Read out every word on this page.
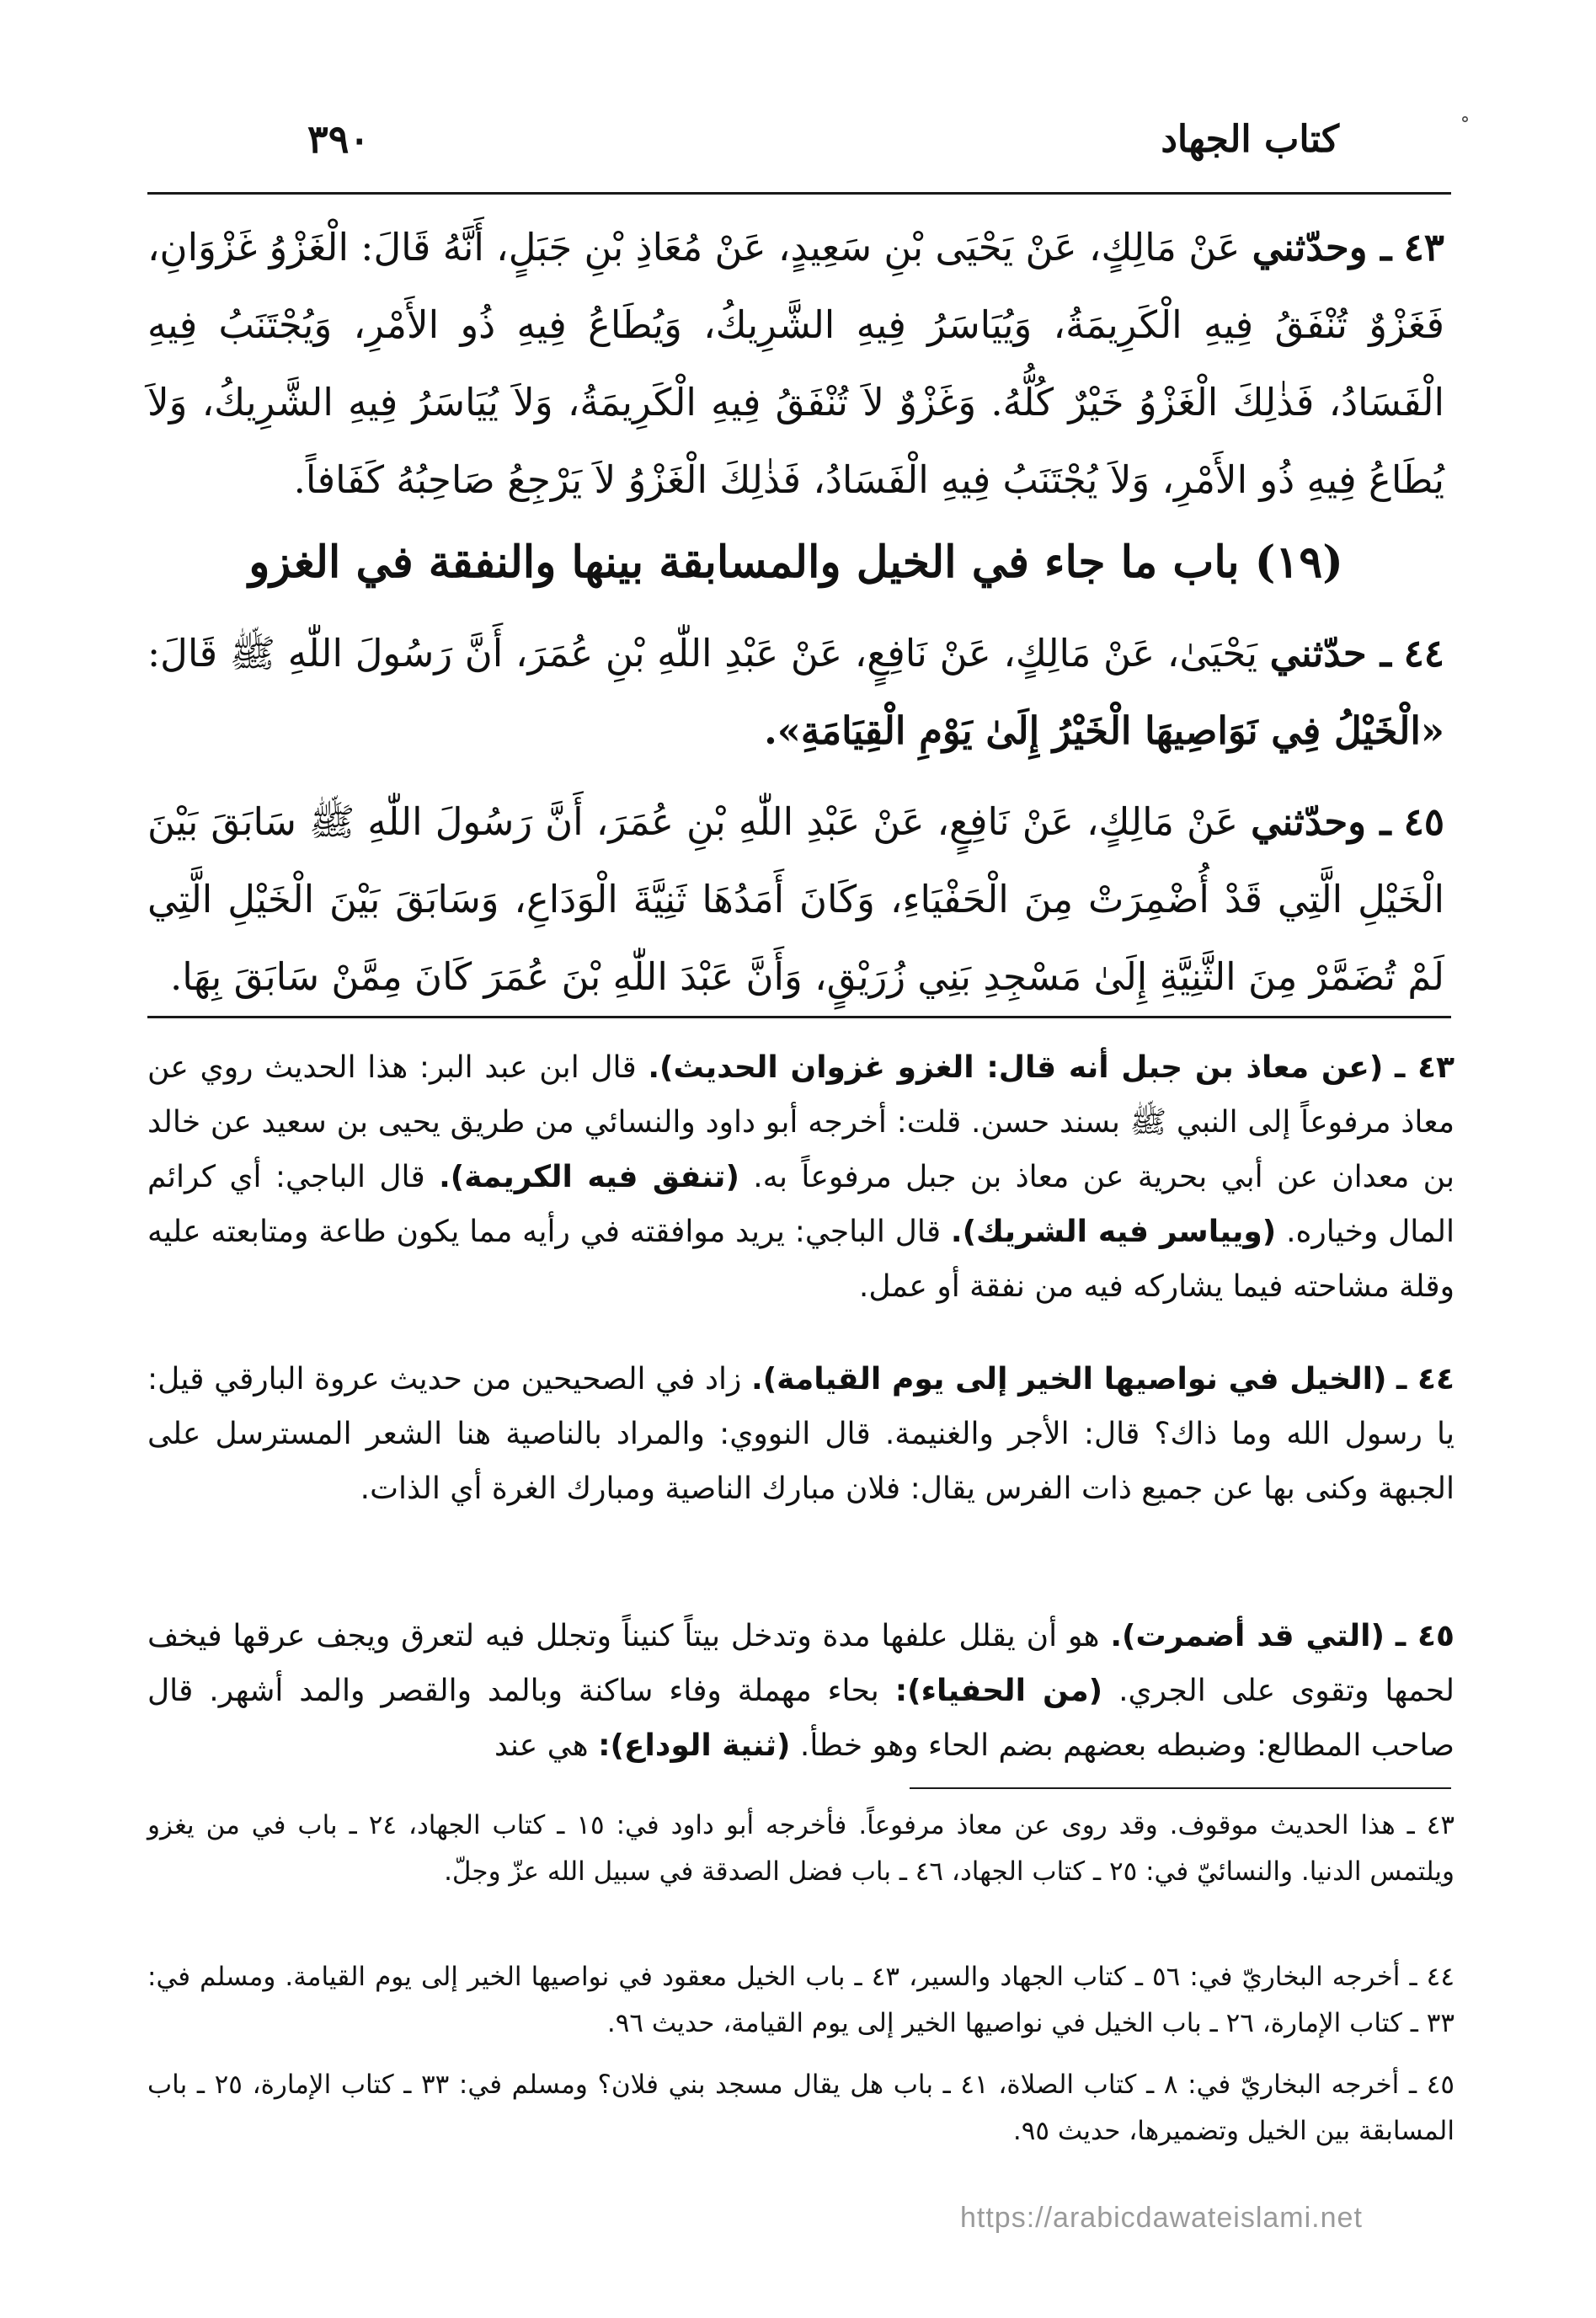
٣٩٠	كتاب الجهاد	˚
٤٣ ـ وحدّثني عَنْ مَالِكٍ، عَنْ يَحْيَى بْنِ سَعِيدٍ، عَنْ مُعَاذِ بْنِ جَبَلٍ، أَنَّهُ قَالَ: الْغَزْوُ غَزْوَانِ، فَغَزْوٌ تُنْفَقُ فِيهِ الْكَرِيمَةُ، وَيُيَاسَرُ فِيهِ الشَّرِيكُ، وَيُطَاعُ فِيهِ ذُو الأَمْرِ، وَيُجْتَنَبُ فِيهِ الْفَسَادُ، فَذٰلِكَ الْغَزْوُ خَيْرٌ كُلُّهُ. وَغَزْوٌ لاَ تُنْفَقُ فِيهِ الْكَرِيمَةُ، وَلاَ يُيَاسَرُ فِيهِ الشَّرِيكُ، وَلاَ يُطَاعُ فِيهِ ذُو الأَمْرِ، وَلاَ يُجْتَنَبُ فِيهِ الْفَسَادُ، فَذٰلِكَ الْغَزْوُ لاَ يَرْجِعُ صَاحِبُهُ كَفَافاً.
(١٩) باب ما جاء في الخيل والمسابقة بينها والنفقة في الغزو
٤٤ ـ حدّثني يَحْيَىٰ، عَنْ مَالِكٍ، عَنْ نَافِعٍ، عَنْ عَبْدِ اللّٰهِ بْنِ عُمَرَ، أَنَّ رَسُولَ اللّٰهِ ﷺ قَالَ: «الْخَيْلُ فِي نَوَاصِيهَا الْخَيْرُ إِلَىٰ يَوْمِ الْقِيَامَةِ».
٤٥ ـ وحدّثني عَنْ مَالِكٍ، عَنْ نَافِعٍ، عَنْ عَبْدِ اللّٰهِ بْنِ عُمَرَ، أَنَّ رَسُولَ اللّٰهِ ﷺ سَابَقَ بَيْنَ الْخَيْلِ الَّتِي قَدْ أُضْمِرَتْ مِنَ الْحَفْيَاءِ، وَكَانَ أَمَدُهَا ثَنِيَّةَ الْوَدَاعِ، وَسَابَقَ بَيْنَ الْخَيْلِ الَّتِي لَمْ تُضَمَّرْ مِنَ الثَّنِيَّةِ إِلَىٰ مَسْجِدِ بَنِي زُرَيْقٍ، وَأَنَّ عَبْدَ اللّٰهِ بْنَ عُمَرَ كَانَ مِمَّنْ سَابَقَ بِهَا.
٤٣ ـ (عن معاذ بن جبل أنه قال: الغزو غزوان الحديث). قال ابن عبد البر: هذا الحديث روي عن معاذ مرفوعاً إلى النبي ﷺ بسند حسن. قلت: أخرجه أبو داود والنسائي من طريق يحيى بن سعيد عن خالد بن معدان عن أبي بحرية عن معاذ بن جبل مرفوعاً به. (تنفق فيه الكريمة). قال الباجي: أي كرائم المال وخياره. (ويياسر فيه الشريك). قال الباجي: يريد موافقته في رأيه مما يكون طاعة ومتابعته عليه وقلة مشاحته فيما يشاركه فيه من نفقة أو عمل.
٤٤ ـ (الخيل في نواصيها الخير إلى يوم القيامة). زاد في الصحيحين من حديث عروة البارقي قيل: يا رسول الله وما ذاك؟ قال: الأجر والغنيمة. قال النووي: والمراد بالناصية هنا الشعر المسترسل على الجبهة وكنى بها عن جميع ذات الفرس يقال: فلان مبارك الناصية ومبارك الغرة أي الذات.
٤٥ ـ (التي قد أضمرت). هو أن يقلل علفها مدة وتدخل بيتاً كنيناً وتجلل فيه لتعرق ويجف عرقها فيخف لحمها وتقوى على الجري. (من الحفياء): بحاء مهملة وفاء ساكنة وبالمد والقصر والمد أشهر. قال صاحب المطالع: وضبطه بعضهم بضم الحاء وهو خطأ. (ثنية الوداع): هي عند
٤٣ ـ هذا الحديث موقوف. وقد روى عن معاذ مرفوعاً. فأخرجه أبو داود في: ١٥ ـ كتاب الجهاد، ٢٤ ـ باب في من يغزو ويلتمس الدنيا. والنسائيّ في: ٢٥ ـ كتاب الجهاد، ٤٦ ـ باب فضل الصدقة في سبيل الله عزّ وجلّ.
٤٤ ـ أخرجه البخاريّ في: ٥٦ ـ كتاب الجهاد والسير، ٤٣ ـ باب الخيل معقود في نواصيها الخير إلى يوم القيامة. ومسلم في: ٣٣ ـ كتاب الإمارة، ٢٦ ـ باب الخيل في نواصيها الخير إلى يوم القيامة، حديث ٩٦.
٤٥ ـ أخرجه البخاريّ في: ٨ ـ كتاب الصلاة، ٤١ ـ باب هل يقال مسجد بني فلان؟ ومسلم في: ٣٣ ـ كتاب الإمارة، ٢٥ ـ باب المسابقة بين الخيل وتضميرها، حديث ٩٥.
https://arabicdawateislami.net
